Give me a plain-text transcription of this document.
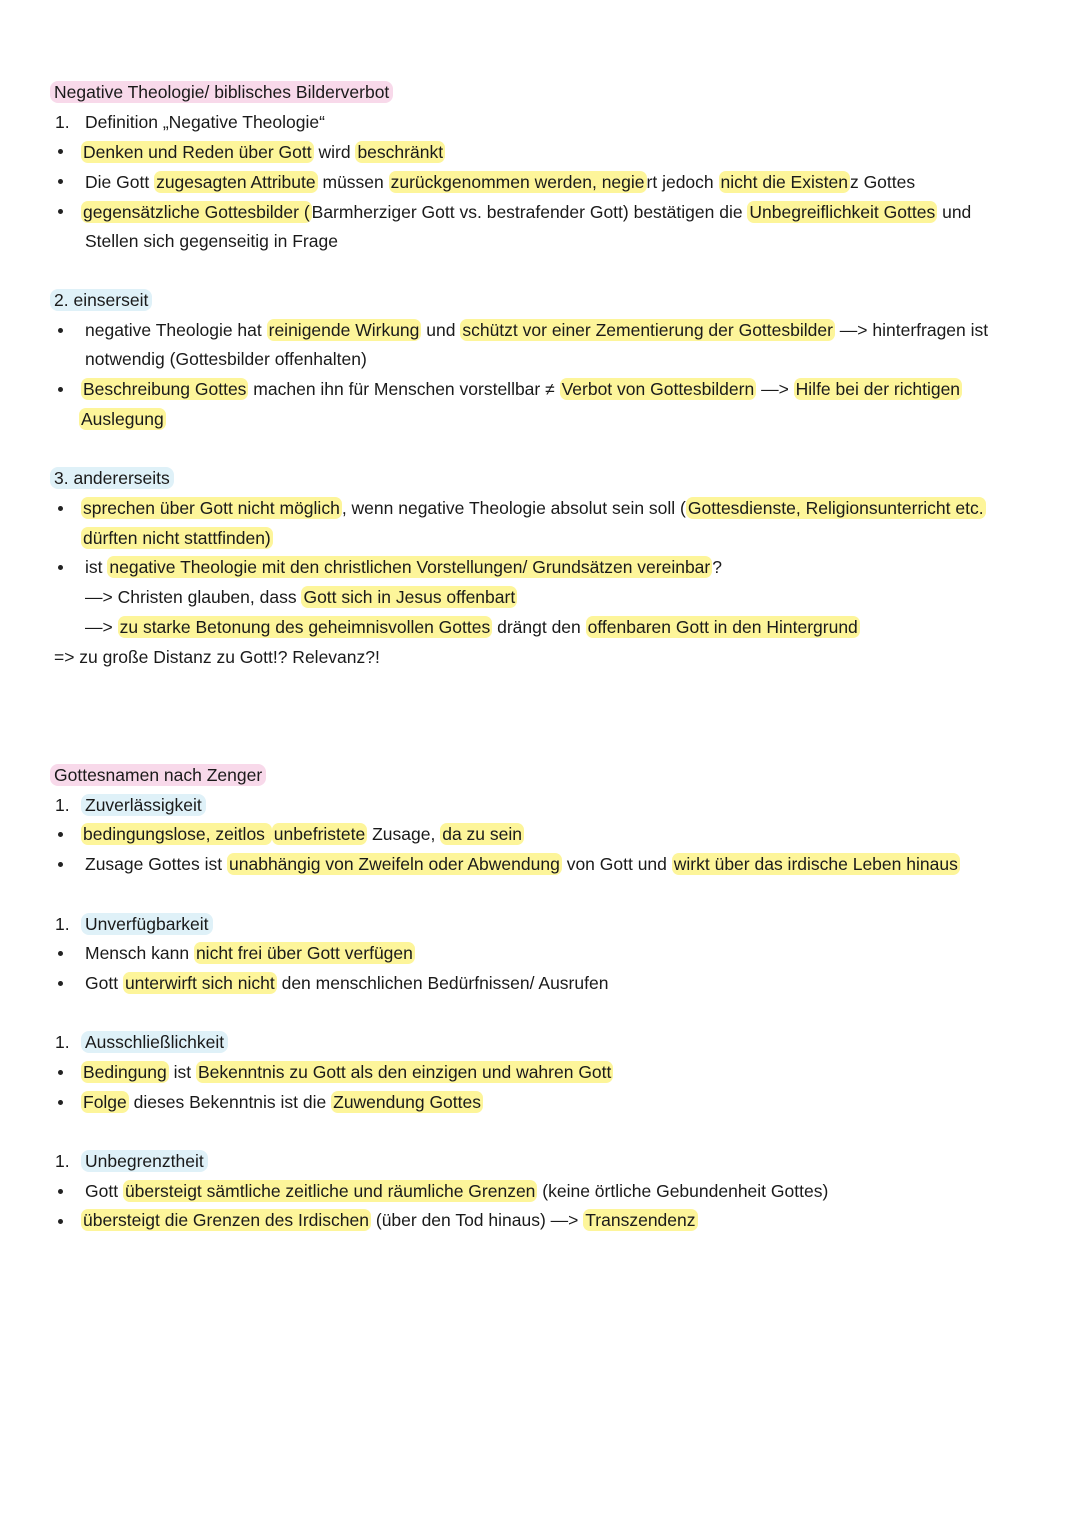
Negative Theologie/ biblisches Bilderverbot
1. Definition „Negative Theologie“
Denken und Reden über Gott wird beschränkt
Die Gott zugesagten Attribute müssen zurückgenommen werden, negie rt jedoch nicht die Existen z Gottes
gegensätzliche Gottesbilder ( Barmherziger Gott vs. bestrafender Gott) bestätigen die Unbegreiflichkeit Gottes und
Stellen sich gegenseitig in Frage
2. einserseit
negative Theologie hat reinigende Wirkung und schützt vor einer Zementierung der Gottesbilder —> hinterfragen ist
notwendig (Gottesbilder offenhalten)
Beschreibung Gottes machen ihn für Menschen vorstellbar ≠ Verbot von Gottesbildern —> Hilfe bei der richtigen
Auslegung
3. andererseits
sprechen über Gott nicht möglich , wenn negative Theologie absolut sein soll ( Gottesdienste, Religionsunterricht etc.
dürften nicht stattfinden)
ist negative Theologie mit den christlichen Vorstellungen/ Grundsätzen vereinbar ?
—> Christen glauben, dass Gott sich in Jesus offenbart
—> zu starke Betonung des geheimnisvollen Gottes drängt den offenbaren Gott in den Hintergrund
=> zu große Distanz zu Gott!? Relevanz?!
Gottesnamen nach Zenger
1. Zuverlässigkeit
bedingungslose, zeitlos unbefristete Zusage, da zu sein
Zusage Gottes ist unabhängig von Zweifeln oder Abwendung von Gott und wirkt über das irdische Leben hinaus
1. Unverfügbarkeit
Mensch kann nicht frei über Gott verfügen
Gott unterwirft sich nicht den menschlichen Bedürfnissen/ Ausrufen
1. Ausschließlichkeit
Bedingung ist Bekenntnis zu Gott als den einzigen und wahren Gott
Folge dieses Bekenntnis ist die Zuwendung Gottes
1. Unbegrenztheit
Gott übersteigt sämtliche zeitliche und räumliche Grenzen (keine örtliche Gebundenheit Gottes)
übersteigt die Grenzen des Irdischen (über den Tod hinaus) —> Transzendenz
